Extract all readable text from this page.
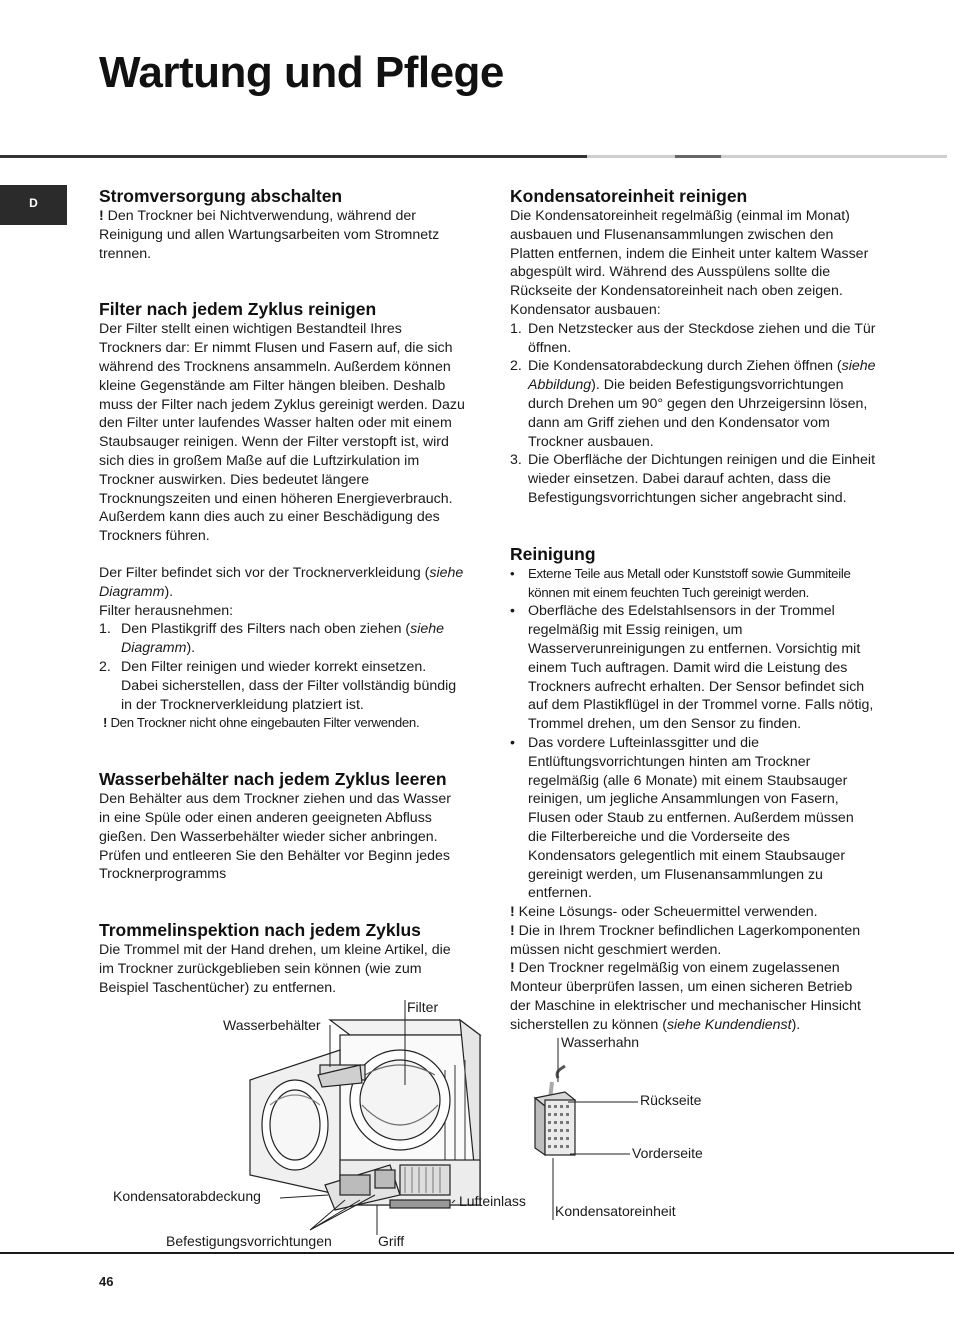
Wartung und Pflege
D	Stromversorgung abschalten

! Den Trockner bei Nichtverwendung, während der Reinigung und allen Wartungsarbeiten vom Stromnetz trennen.

Filter nach jedem Zyklus reinigen

Der Filter stellt einen wichtigen Bestandteil Ihres Trockners dar: Er nimmt Flusen und Fasern auf, die sich während des Trocknens ansammeln. Außerdem können kleine Gegenstände am Filter hängen bleiben. Deshalb muss der Filter nach jedem Zyklus gereinigt werden. Dazu den Filter unter laufendes Wasser halten oder mit einem Staubsauger reinigen. Wenn der Filter verstopft ist, wird sich dies in großem Maße auf die Luftzirkulation im Trockner auswirken. Dies bedeutet längere Trocknungszeiten und einen höheren Energieverbrauch. Außerdem kann dies auch zu einer Beschädigung des Trockners führen.

Der Filter befindet sich vor der Trocknerverkleidung (siehe Diagramm).

Filter herausnehmen:

1. Den Plastikgriff des Filters nach oben ziehen (siehe Diagramm).
2. Den Filter reinigen und wieder korrekt einsetzen. Dabei sicherstellen, dass der Filter vollständig bündig in der Trocknerverkleidung platziert ist.

! Den Trockner nicht ohne eingebauten Filter verwenden.

Wasserbehälter nach jedem Zyklus leeren

Den Behälter aus dem Trockner ziehen und das Wasser in eine Spüle oder einen anderen geeigneten Abfluss gießen. Den Wasserbehälter wieder sicher anbringen. Prüfen und entleeren Sie den Behälter vor Beginn jedes Trocknerprogramms

Trommelinspektion nach jedem Zyklus

Die Trommel mit der Hand drehen, um kleine Artikel, die im Trockner zurückgeblieben sein können (wie zum Beispiel Taschentücher) zu entfernen.

Kondensatoreinheit reinigen

Die Kondensatoreinheit regelmäßig (einmal im Monat) ausbauen und Flusenansammlungen zwischen den Platten entfernen, indem die Einheit unter kaltem Wasser abgespült wird. Während des Ausspülens sollte die Rückseite der Kondensatoreinheit nach oben zeigen.

Kondensator ausbauen:

1. Den Netzstecker aus der Steckdose ziehen und die Tür öffnen.
2. Die Kondensatorabdeckung durch Ziehen öffnen (siehe Abbildung). Die beiden Befestigungsvorrichtungen durch Drehen um 90° gegen den Uhrzeigersinn lösen, dann am Griff ziehen und den Kondensator vom Trockner ausbauen.
3. Die Oberfläche der Dichtungen reinigen und die Einheit wieder einsetzen. Dabei darauf achten, dass die Befestigungsvorrichtungen sicher angebracht sind.
Reinigung
• Externe Teile aus Metall oder Kunststoff sowie Gummiteile können mit einem feuchten Tuch gereinigt werden.
• Oberfläche des Edelstahlsensors in der Trommel regelmäßig mit Essig reinigen, um Wasserverunreinigungen zu entfernen. Vorsichtig mit einem Tuch auftragen. Damit wird die Leistung des Trockners aufrecht erhalten. Der Sensor befindet sich auf dem Plastikflügel in der Trommel vorne. Falls nötig, Trommel drehen, um den Sensor zu finden.
• Das vordere Lufteinlassgitter und die Entlüftungsvorrichtungen hinten am Trockner regelmäßig (alle 6 Monate) mit einem Staubsauger reinigen, um jegliche Ansammlungen von Fasern, Flusen oder Staub zu entfernen. Außerdem müssen die Filterbereiche und die Vorderseite des Kondensators gelegentlich mit einem Staubsauger gereinigt werden, um Flusenansammlungen zu entfernen.

! Keine Lösungs- oder Scheuermittel verwenden.

! Die in Ihrem Trockner befindlichen Lagerkomponenten müssen nicht geschmiert werden.

! Den Trockner regelmäßig von einem zugelassenen Monteur überprüfen lassen, um einen sicheren Betrieb der Maschine in elektrischer und mechanischer Hinsicht sicherstellen zu können (siehe Kundendienst).

Wasserbehälter
Filter
Kondensatorabdeckung	Lufteinlass
Befestigungsvorrichtungen	Griff
Wasserhahn
Rückseite
Vorderseite
Kondensatoreinheit
46
